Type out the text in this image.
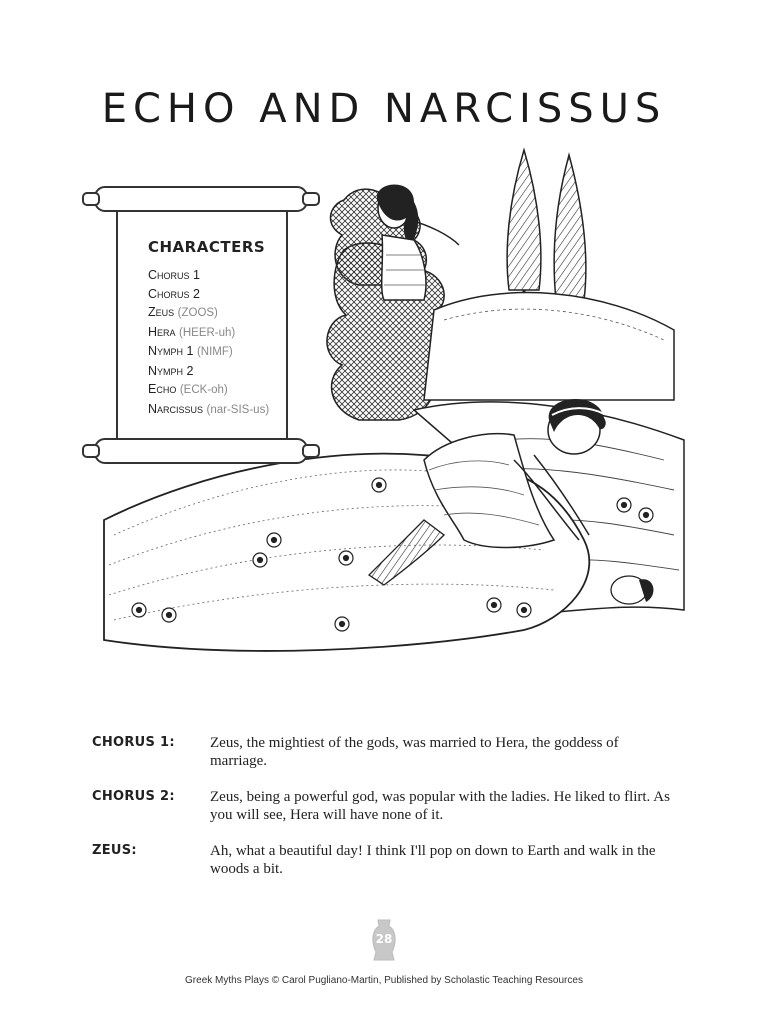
ECHO AND NARCISSUS
CHARACTERS
Chorus 1
Chorus 2
Zeus (ZOOS)
Hera (HEER-uh)
Nymph 1 (NIMF)
Nymph 2
Echo (ECK-oh)
Narcissus (nar-SIS-us)
CHORUS 1: Zeus, the mightiest of the gods, was married to Hera, the goddess of marriage.
CHORUS 2: Zeus, being a powerful god, was popular with the ladies. He liked to flirt. As you will see, Hera will have none of it.
ZEUS:	Ah, what a beautiful day! I think I'll pop on down to Earth and walk in the woods a bit.
28
Greek Myths Plays © Carol Pugliano-Martin, Published by Scholastic Teaching Resources
